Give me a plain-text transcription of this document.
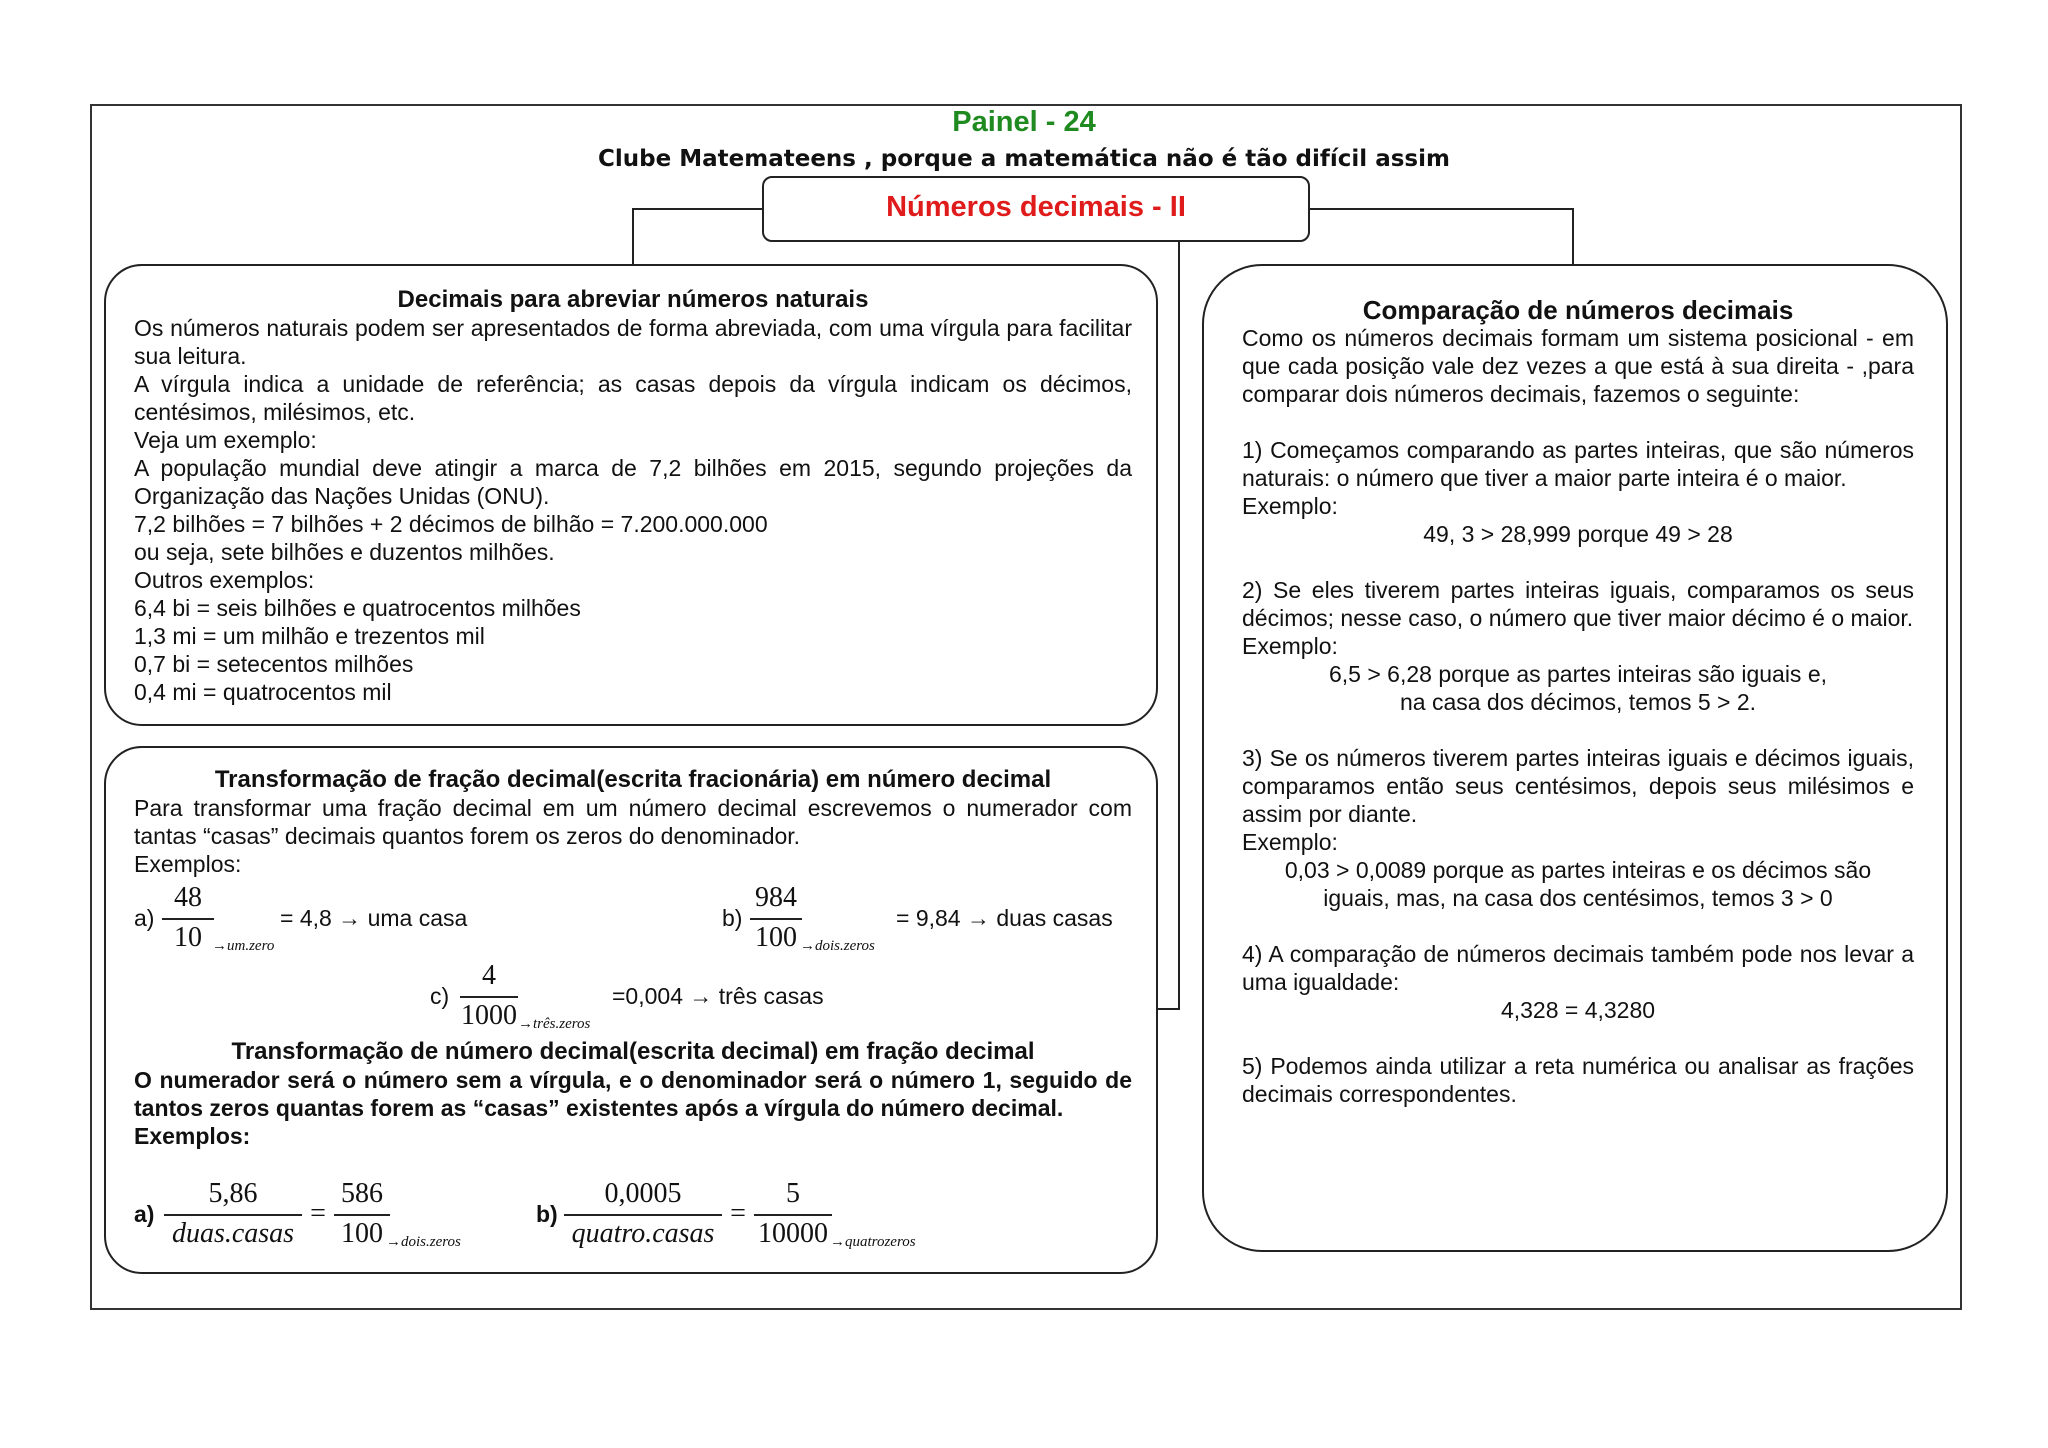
Painel - 24
Clube Matemateens , porque a matemática não é tão difícil assim
Números decimais - II

Decimais para abreviar números naturais

Os números naturais podem ser apresentados de forma abreviada, com uma vírgula para facilitar sua leitura.

A vírgula indica a unidade de referência; as casas depois da vírgula indicam os décimos, centésimos, milésimos, etc.

Veja um exemplo:

A população mundial deve atingir a marca de 7,2 bilhões em 2015, segundo projeções da Organização das Nações Unidas (ONU).

7,2 bilhões = 7 bilhões + 2 décimos de bilhão = 7.200.000.000

ou seja, sete bilhões e duzentos milhões.

Outros exemplos:

6,4 bi = seis bilhões e quatrocentos milhões

1,3 mi = um milhão e trezentos mil

0,7 bi = setecentos milhões

0,4 mi = quatrocentos mil

Transformação de fração decimal(escrita fracionária) em número decimal

Para transformar uma fração decimal em um número decimal escrevemos o numerador com tantas “casas” decimais quantos forem os zeros do denominador.

Exemplos:

a)
48
10 →um.zero
= 4,8 → uma casa	b)
984
100 →dois.zeros
= 9,84 → duas casas
c)
4
1000 →três.zeros
=0,004 → três casas

Transformação de número decimal(escrita decimal) em fração decimal

O numerador será o número sem a vírgula, e o denominador será o número 1, seguido de tantos zeros quantas forem as “casas” existentes após a vírgula do número decimal.

Exemplos:

a)
5,86
duas.casas
=
586
100 →dois.zeros
b)
0,0005
quatro.casas
=
5
10000 →quatrozeros

Comparação de números decimais

Como os números decimais formam um sistema posicional - em que cada posição vale dez vezes a que está à sua direita - ,para comparar dois números decimais, fazemos o seguinte:

1) Começamos comparando as partes inteiras, que são números naturais: o número que tiver a maior parte inteira é o maior.

Exemplo:

49, 3 > 28,999 porque 49 > 28

2) Se eles tiverem partes inteiras iguais, comparamos os seus décimos; nesse caso, o número que tiver maior décimo é o maior.

Exemplo:

6,5 > 6,28 porque as partes inteiras são iguais e,

na casa dos décimos, temos 5 > 2.

3) Se os números tiverem partes inteiras iguais e décimos iguais, comparamos então seus centésimos, depois seus milésimos e assim por diante.

Exemplo:

0,03 > 0,0089 porque as partes inteiras e os décimos são

iguais, mas, na casa dos centésimos, temos 3 > 0

4) A comparação de números decimais também pode nos levar a uma igualdade:

4,328 = 4,3280

5) Podemos ainda utilizar a reta numérica ou analisar as frações decimais correspondentes.
